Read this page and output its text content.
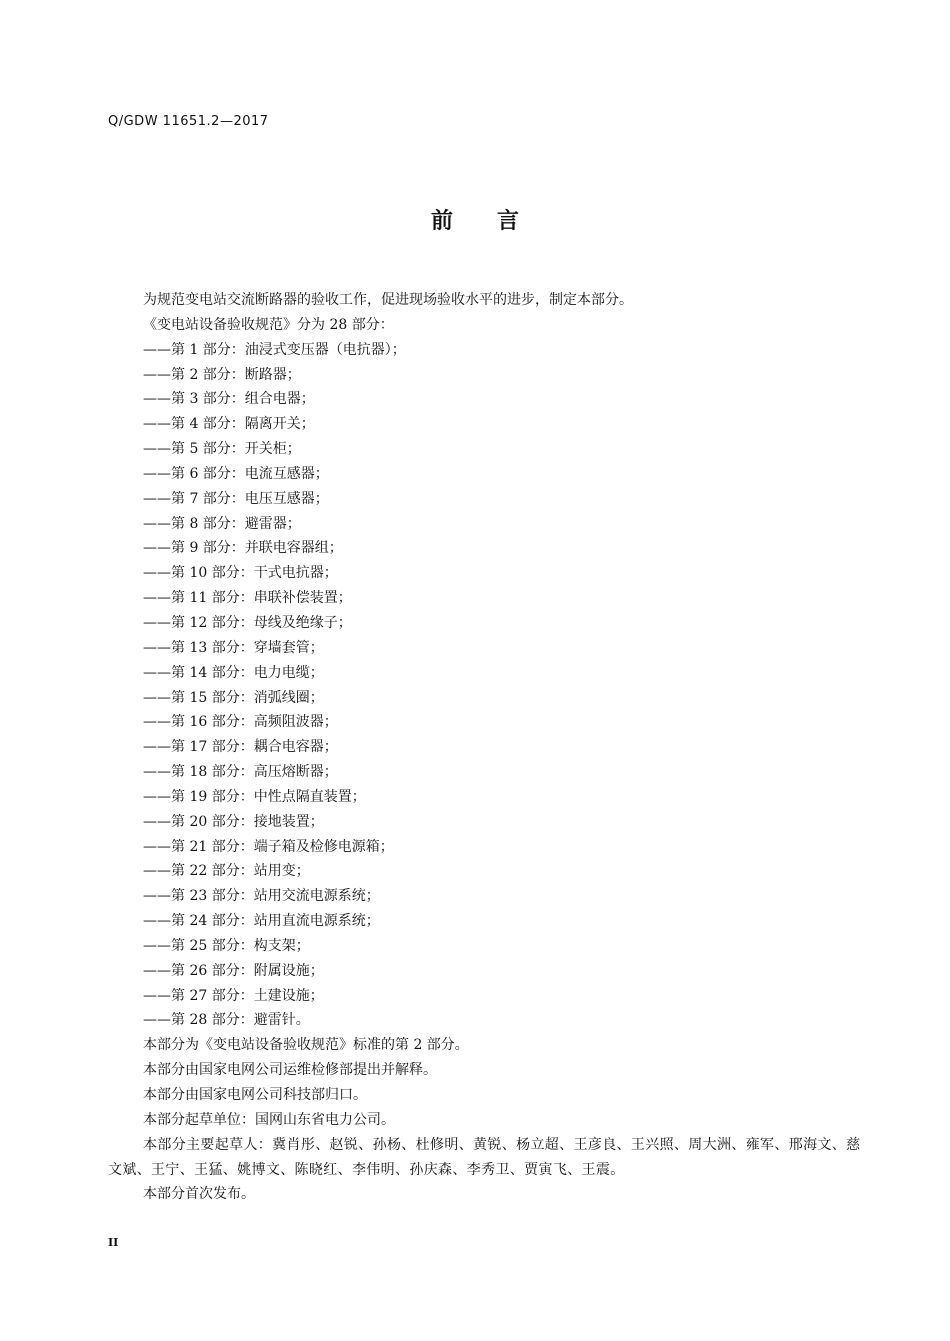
Q/GDW 11651.2—2017
前言

为规范变电站交流断路器的验收工作，促进现场验收水平的进步，制定本部分。

《变电站设备验收规范》分为 28 部分：

——第 1 部分：油浸式变压器（电抗器）；

——第 2 部分：断路器；

——第 3 部分：组合电器；

——第 4 部分：隔离开关；

——第 5 部分：开关柜；

——第 6 部分：电流互感器；

——第 7 部分：电压互感器；

——第 8 部分：避雷器；

——第 9 部分：并联电容器组；

——第 10 部分：干式电抗器；

——第 11 部分：串联补偿装置；

——第 12 部分：母线及绝缘子；

——第 13 部分：穿墙套管；

——第 14 部分：电力电缆；

——第 15 部分：消弧线圈；

——第 16 部分：高频阻波器；

——第 17 部分：耦合电容器；

——第 18 部分：高压熔断器；

——第 19 部分：中性点隔直装置；

——第 20 部分：接地装置；

——第 21 部分：端子箱及检修电源箱；

——第 22 部分：站用变；

——第 23 部分：站用交流电源系统；

——第 24 部分：站用直流电源系统；

——第 25 部分：构支架；

——第 26 部分：附属设施；

——第 27 部分：土建设施；

——第 28 部分：避雷针。

本部分为《变电站设备验收规范》标准的第 2 部分。

本部分由国家电网公司运维检修部提出并解释。

本部分由国家电网公司科技部归口。

本部分起草单位：国网山东省电力公司。

本部分主要起草人：冀肖彤、赵锐、孙杨、杜修明、黄锐、杨立超、王彦良、王兴照、周大洲、雍军、邢海文、慈文斌、王宁、王猛、姚博文、陈晓红、李伟明、孙庆森、李秀卫、贾寅飞、王震。

本部分首次发布。

II
